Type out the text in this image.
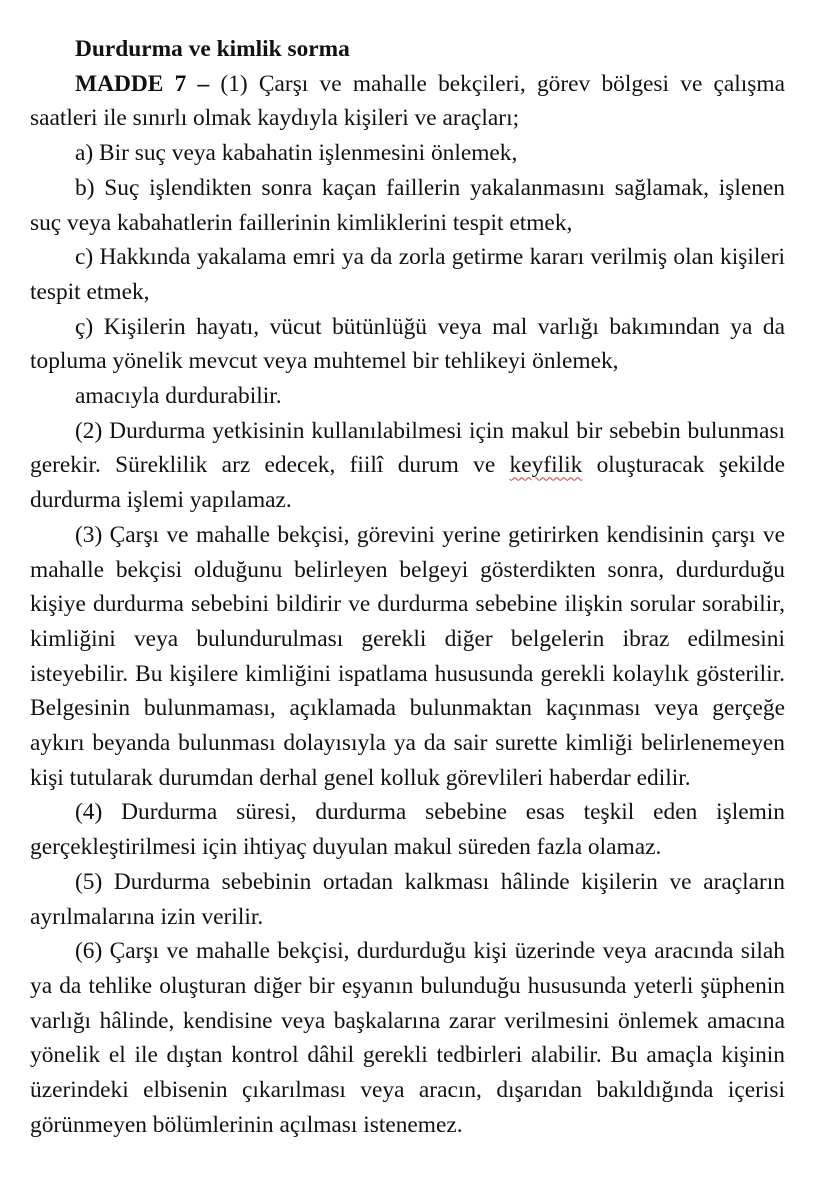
Durdurma ve kimlik sorma

MADDE 7 – (1) Çarşı ve mahalle bekçileri, görev bölgesi ve çalışma saatleri ile sınırlı olmak kaydıyla kişileri ve araçları;

a) Bir suç veya kabahatin işlenmesini önlemek,

b) Suç işlendikten sonra kaçan faillerin yakalanmasını sağlamak, işlenen suç veya kabahatlerin faillerinin kimliklerini tespit etmek,

c) Hakkında yakalama emri ya da zorla getirme kararı verilmiş olan kişileri tespit etmek,

ç) Kişilerin hayatı, vücut bütünlüğü veya mal varlığı bakımından ya da topluma yönelik mevcut veya muhtemel bir tehlikeyi önlemek,

amacıyla durdurabilir.

(2) Durdurma yetkisinin kullanılabilmesi için makul bir sebebin bulunması gerekir. Süreklilik arz edecek, fiilî durum ve keyfilik oluşturacak şekilde durdurma işlemi yapılamaz.

(3) Çarşı ve mahalle bekçisi, görevini yerine getirirken kendisinin çarşı ve mahalle bekçisi olduğunu belirleyen belgeyi gösterdikten sonra, durdurduğu kişiye durdurma sebebini bildirir ve durdurma sebebine ilişkin sorular sorabilir, kimliğini veya bulundurulması gerekli diğer belgelerin ibraz edilmesini isteyebilir. Bu kişilere kimliğini ispatlama hususunda gerekli kolaylık gösterilir. Belgesinin bulunmaması, açıklamada bulunmaktan kaçınması veya gerçeğe aykırı beyanda bulunması dolayısıyla ya da sair surette kimliği belirlenemeyen kişi tutularak durumdan derhal genel kolluk görevlileri haberdar edilir.

(4) Durdurma süresi, durdurma sebebine esas teşkil eden işlemin gerçekleştirilmesi için ihtiyaç duyulan makul süreden fazla olamaz.

(5) Durdurma sebebinin ortadan kalkması hâlinde kişilerin ve araçların ayrılmalarına izin verilir.

(6) Çarşı ve mahalle bekçisi, durdurduğu kişi üzerinde veya aracında silah ya da tehlike oluşturan diğer bir eşyanın bulunduğu hususunda yeterli şüphenin varlığı hâlinde, kendisine veya başkalarına zarar verilmesini önlemek amacına yönelik el ile dıştan kontrol dâhil gerekli tedbirleri alabilir. Bu amaçla kişinin üzerindeki elbisenin çıkarılması veya aracın, dışarıdan bakıldığında içerisi görünmeyen bölümlerinin açılması istenemez.
